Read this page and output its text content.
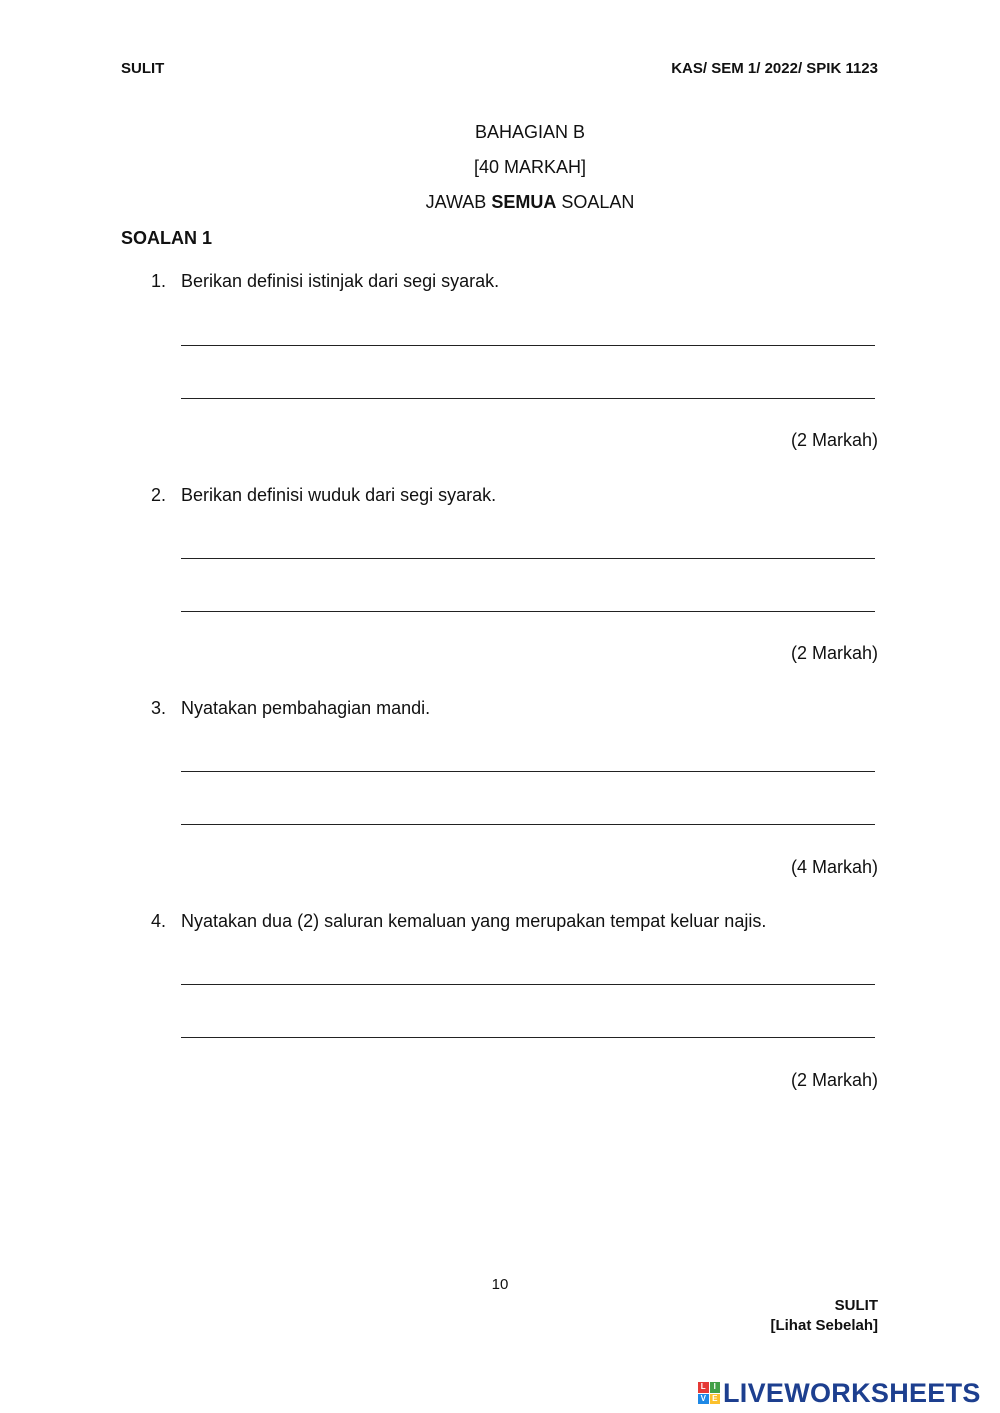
SULIT	KAS/ SEM 1/ 2022/ SPIK 1123
BAHAGIAN B
[40 MARKAH]
JAWAB SEMUA SOALAN
SOALAN 1
1. Berikan definisi istinjak dari segi syarak.
(2 Markah)
2. Berikan definisi wuduk dari segi syarak.
(2 Markah)
3. Nyatakan pembahagian mandi.
(4 Markah)
4. Nyatakan dua (2) saluran kemaluan yang merupakan tempat keluar najis.
(2 Markah)
10
SULIT
[Lihat Sebelah]
L I
V E LIVEWORKSHEETS
